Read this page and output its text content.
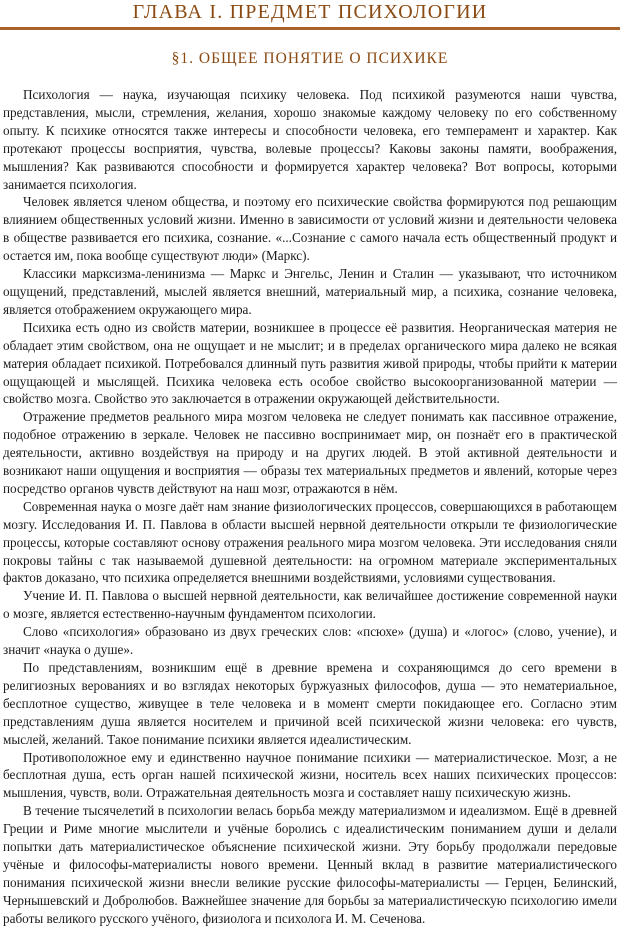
ГЛАВА I. ПРЕДМЕТ ПСИХОЛОГИИ
§1. ОБЩЕЕ ПОНЯТИЕ О ПСИХИКЕ

Психология — наука, изучающая психику человека. Под психикой разумеются наши чувства, представления, мысли, стремления, желания, хорошо знакомые каждому человеку по его собственному опыту. К психике относятся также интересы и способности человека, его темперамент и характер. Как протекают процессы восприятия, чувства, волевые процессы? Каковы законы памяти, воображения, мышления? Как развиваются способности и формируется характер человека? Вот вопросы, которыми занимается психология.

Человек является членом общества, и поэтому его психические свойства формируются под решающим влиянием общественных условий жизни. Именно в зависимости от условий жизни и деятельности человека в обществе развивается его психика, сознание. «...Сознание с самого начала есть общественный продукт и остается им, пока вообще существуют люди» (Маркс).

Классики марксизма-ленинизма — Маркс и Энгельс, Ленин и Сталин — указывают, что источником ощущений, представлений, мыслей является внешний, материальный мир, а психика, сознание человека, является отображением окружающего мира.

Психика есть одно из свойств материи, возникшее в процессе её развития. Неорганическая материя не обладает этим свойством, она не ощущает и не мыслит; и в пределах органического мира далеко не всякая материя обладает психикой. Потребовался длинный путь развития живой природы, чтобы прийти к материи ощущающей и мыслящей. Психика человека есть особое свойство высокоорганизованной материи — свойство мозга. Свойство это заключается в отражении окружающей действительности.

Отражение предметов реального мира мозгом человека не следует понимать как пассивное отражение, подобное отражению в зеркале. Человек не пассивно воспринимает мир, он познаёт его в практической деятельности, активно воздействуя на природу и на других людей. В этой активной деятельности и возникают наши ощущения и восприятия — образы тех материальных предметов и явлений, которые через посредство органов чувств действуют на наш мозг, отражаются в нём.

Современная наука о мозге даёт нам знание физиологических процессов, совершающихся в работающем мозгу. Исследования И. П. Павлова в области высшей нервной деятельности открыли те физиологические процессы, которые составляют основу отражения реального мира мозгом человека. Эти исследования сняли покровы тайны с так называемой душевной деятельности: на огромном материале экспериментальных фактов доказано, что психика определяется внешними воздействиями, условиями существования.

Учение И. П. Павлова о высшей нервной деятельности, как величайшее достижение современной науки о мозге, является естественно-научным фундаментом психологии.

Слово «психология» образовано из двух греческих слов: «псюхе» (душа) и «логос» (слово, учение), и значит «наука о душе».

По представлениям, возникшим ещё в древние времена и сохраняющимся до сего времени в религиозных верованиях и во взглядах некоторых буржуазных философов, душа — это нематериальное, бесплотное существо, живущее в теле человека и в момент смерти покидающее его. Согласно этим представлениям душа является носителем и причиной всей психической жизни человека: его чувств, мыслей, желаний. Такое понимание психики является идеалистическим.

Противоположное ему и единственно научное понимание психики — материалистическое. Мозг, а не бесплотная душа, есть орган нашей психической жизни, носитель всех наших психических процессов: мышления, чувств, воли. Отражательная деятельность мозга и составляет нашу психическую жизнь.

В течение тысячелетий в психологии велась борьба между материализмом и идеализмом. Ещё в древней Греции и Риме многие мыслители и учёные боролись с идеалистическим пониманием души и делали попытки дать материалистическое объяснение психической жизни. Эту борьбу продолжали передовые учёные и философы-материалисты нового времени. Ценный вклад в развитие материалистического понимания психической жизни внесли великие русские философы-материалисты — Герцен, Белинский, Чернышевский и Добролюбов. Важнейшее значение для борьбы за материалистическую психологию имели работы великого русского учёного, физиолога и психолога И. М. Сеченова.
